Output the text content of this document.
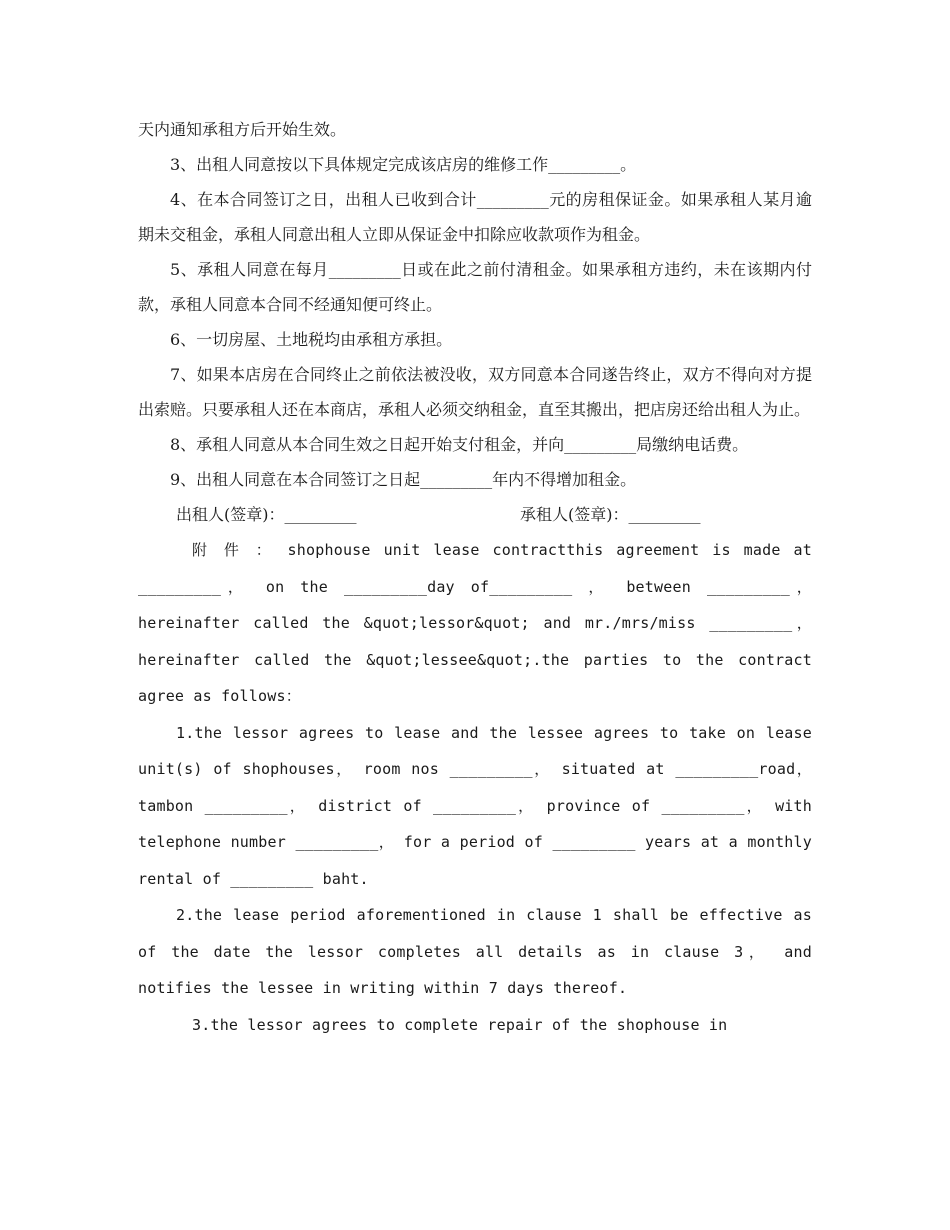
天内通知承租方后开始生效。

3、出租人同意按以下具体规定完成该店房的维修工作_________。

4、在本合同签订之日，出租人已收到合计_________元的房租保证金。如果承租人某月逾期未交租金，承租人同意出租人立即从保证金中扣除应收款项作为租金。

5、承租人同意在每月_________日或在此之前付清租金。如果承租方违约，未在该期内付款，承租人同意本合同不经通知便可终止。

6、一切房屋、土地税均由承租方承担。

7、如果本店房在合同终止之前依法被没收，双方同意本合同遂告终止，双方不得向对方提出索赔。只要承租人还在本商店，承租人必须交纳租金，直至其搬出，把店房还给出租人为止。

8、承租人同意从本合同生效之日起开始支付租金，并向_________局缴纳电话费。

9、出租人同意在本合同签订之日起_________年内不得增加租金。

出租人(签章)：_________	承租人(签章)：_________

附 件 ： shophouse unit lease contractthis agreement is made at _________， on the _________day of_________ ， between _________， hereinafter called the &quot;lessor&quot; and mr./mrs/miss _________， hereinafter called the &quot;lessee&quot;.the parties to the contract agree as follows：

1.the lessor agrees to lease and the lessee agrees to take on lease unit(s) of shophouses， room nos _________， situated at _________road， tambon _________， district of _________， province of _________， with telephone number _________， for a period of _________ years at a monthly rental of _________ baht.

2.the lease period aforementioned in clause 1 shall be effective as of the date the lessor completes all details as in clause 3， and notifies the lessee in writing within 7 days thereof.

3.the lessor agrees to complete repair of the shophouse in
